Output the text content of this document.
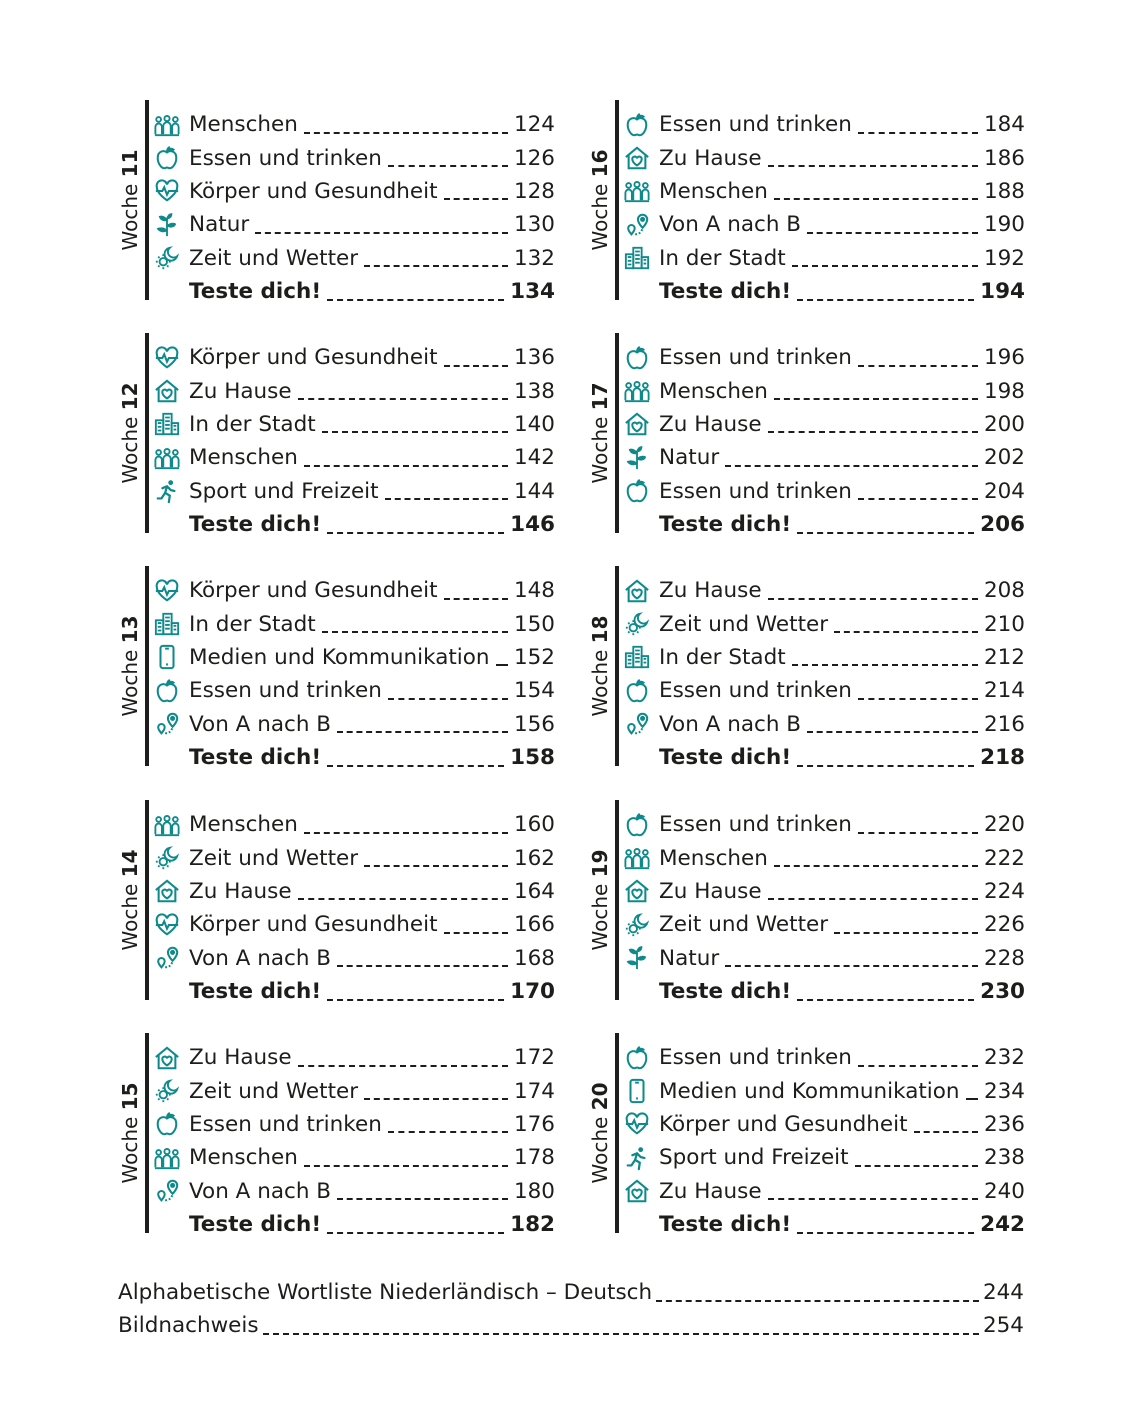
Woche 11
Menschen	124
Essen und trinken	126
Körper und Gesundheit	128
Natur	130
Zeit und Wetter	132
Teste dich!	134
Woche 12
Körper und Gesundheit	136
Zu Hause	138
In der Stadt	140
Menschen	142
Sport und Freizeit	144
Teste dich!	146
Woche 13
Körper und Gesundheit	148
In der Stadt	150
Medien und Kommunikation 152
Essen und trinken	154
Von A nach B	156
Teste dich!	158
Woche 14
Menschen	160
Zeit und Wetter	162
Zu Hause	164
Körper und Gesundheit	166
Von A nach B	168
Teste dich!	170
Woche 15
Zu Hause	172
Zeit und Wetter	174
Essen und trinken	176
Menschen	178
Von A nach B	180
Teste dich!	182
Woche 16
Essen und trinken	184
Zu Hause	186
Menschen	188
Von A nach B	190
In der Stadt	192
Teste dich!	194
Woche 17
Essen und trinken	196
Menschen	198
Zu Hause	200
Natur	202
Essen und trinken	204
Teste dich!	206
Woche 18
Zu Hause	208
Zeit und Wetter	210
In der Stadt	212
Essen und trinken	214
Von A nach B	216
Teste dich!	218
Woche 19
Essen und trinken	220
Menschen	222
Zu Hause	224
Zeit und Wetter	226
Natur	228
Teste dich!	230
Woche 20
Essen und trinken	232
Medien und Kommunikation 234
Körper und Gesundheit	236
Sport und Freizeit	238
Zu Hause	240
Teste dich!	242
Alphabetische Wortliste Niederländisch – Deutsch	244
Bildnachweis	254
